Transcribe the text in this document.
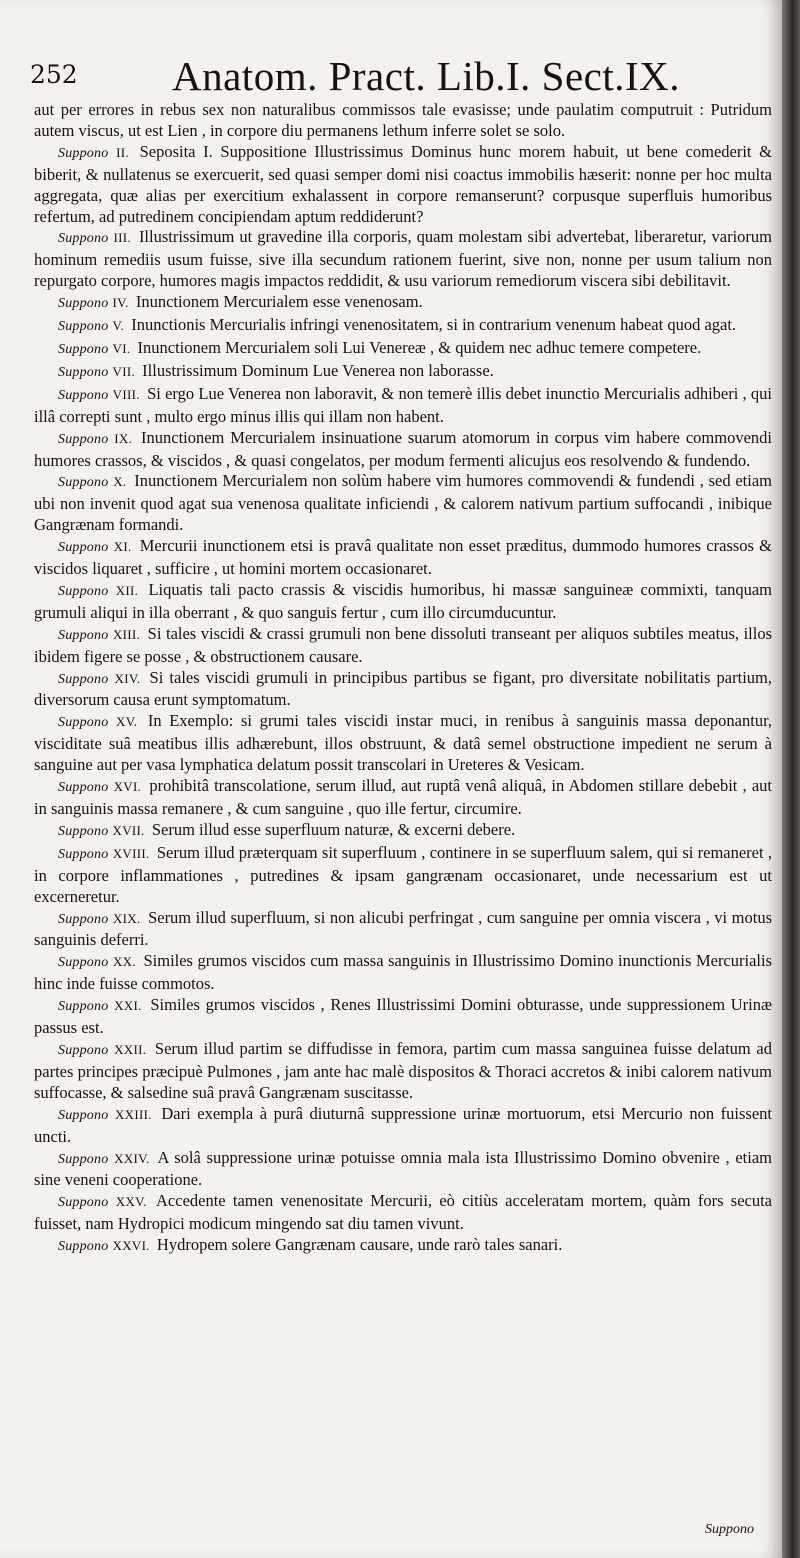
252 Anatom. Pract. Lib.I. Sect.IX.

aut per errores in rebus sex non naturalibus commissos tale evasisse; unde paulatim computruit : Putridum autem viscus, ut est Lien , in corpore diu permanens lethum inferre solet se solo.

Suppono II. Seposita I. Suppositione Illustrissimus Dominus hunc morem habuit, ut bene comederit & biberit, & nullatenus se exercuerit, sed quasi semper domi nisi coactus immobilis hæserit: nonne per hoc multa aggregata, quæ alias per exercitium exhalassent in corpore remanserunt? corpusque superfluis humoribus refertum, ad putredinem concipiendam aptum reddiderunt?

Suppono III. Illustrissimum ut gravedine illa corporis, quam molestam sibi advertebat, liberaretur, variorum hominum remediis usum fuisse, sive illa secundum rationem fuerint, sive non, nonne per usum talium non repurgato corpore, humores magis impactos reddidit, & usu variorum remediorum viscera sibi debilitavit.

Suppono IV. Inunctionem Mercurialem esse venenosam.

Suppono V. Inunctionis Mercurialis infringi venenositatem, si in contrarium venenum habeat quod agat.

Suppono VI. Inunctionem Mercurialem soli Lui Venereæ , & quidem nec adhuc temere competere.

Suppono VII. Illustrissimum Dominum Lue Venerea non laborasse.

Suppono VIII. Si ergo Lue Venerea non laboravit, & non temerè illis debet inunctio Mercurialis adhiberi , qui illâ correpti sunt , multo ergo minus illis qui illam non habent.

Suppono IX. Inunctionem Mercurialem insinuatione suarum atomorum in corpus vim habere commovendi humores crassos, & viscidos , & quasi congelatos, per modum fermenti alicujus eos resolvendo & fundendo.

Suppono X. Inunctionem Mercurialem non solùm habere vim humores commovendi & fundendi , sed etiam ubi non invenit quod agat sua venenosa qualitate inficiendi , & calorem nativum partium suffocandi , inibique Gangrænam formandi.

Suppono XI. Mercurii inunctionem etsi is pravâ qualitate non esset præditus, dummodo humores crassos & viscidos liquaret , sufficire , ut homini mortem occasionaret.

Suppono XII. Liquatis tali pacto crassis & viscidis humoribus, hi massæ sanguineæ commixti, tanquam grumuli aliqui in illa oberrant , & quo sanguis fertur , cum illo circumducuntur.

Suppono XIII. Si tales viscidi & crassi grumuli non bene dissoluti transeant per aliquos subtiles meatus, illos ibidem figere se posse , & obstructionem causare.

Suppono XIV. Si tales viscidi grumuli in principibus partibus se figant, pro diversitate nobilitatis partium, diversorum causa erunt symptomatum.

Suppono XV. In Exemplo: si grumi tales viscidi instar muci, in renibus à sanguinis massa deponantur, visciditate suâ meatibus illis adhærebunt, illos obstruunt, & datâ semel obstructione impedient ne serum à sanguine aut per vasa lymphatica delatum possit transcolari in Ureteres & Vesicam.

Suppono XVI. prohibitâ transcolatione, serum illud, aut ruptâ venâ aliquâ, in Abdomen stillare debebit , aut in sanguinis massa remanere , & cum sanguine , quo ille fertur, circumire.

Suppono XVII. Serum illud esse superfluum naturæ, & excerni debere.

Suppono XVIII. Serum illud præterquam sit superfluum , continere in se superfluum salem, qui si remaneret , in corpore inflammationes , putredines & ipsam gangrænam occasionaret, unde necessarium est ut excerneretur.

Suppono XIX. Serum illud superfluum, si non alicubi perfringat , cum sanguine per omnia viscera , vi motus sanguinis deferri.

Suppono XX. Similes grumos viscidos cum massa sanguinis in Illustrissimo Domino inunctionis Mercurialis hinc inde fuisse commotos.

Suppono XXI. Similes grumos viscidos , Renes Illustrissimi Domini obturasse, unde suppressionem Urinæ passus est.

Suppono XXII. Serum illud partim se diffudisse in femora, partim cum massa sanguinea fuisse delatum ad partes principes præcipuè Pulmones , jam ante hac malè dispositos & Thoraci accretos & inibi calorem nativum suffocasse, & salsedine suâ pravâ Gangrænam suscitasse.

Suppono XXIII. Dari exempla à purâ diuturnâ suppressione urinæ mortuorum, etsi Mercurio non fuissent uncti.

Suppono XXIV. A solâ suppressione urinæ potuisse omnia mala ista Illustrissimo Domino obvenire , etiam sine veneni cooperatione.

Suppono XXV. Accedente tamen venenositate Mercurii, eò citiùs acceleratam mortem, quàm fors secuta fuisset, nam Hydropici modicum mingendo sat diu tamen vivunt.

Suppono XXVI. Hydropem solere Gangrænam causare, unde rarò tales sanari.

Suppono
